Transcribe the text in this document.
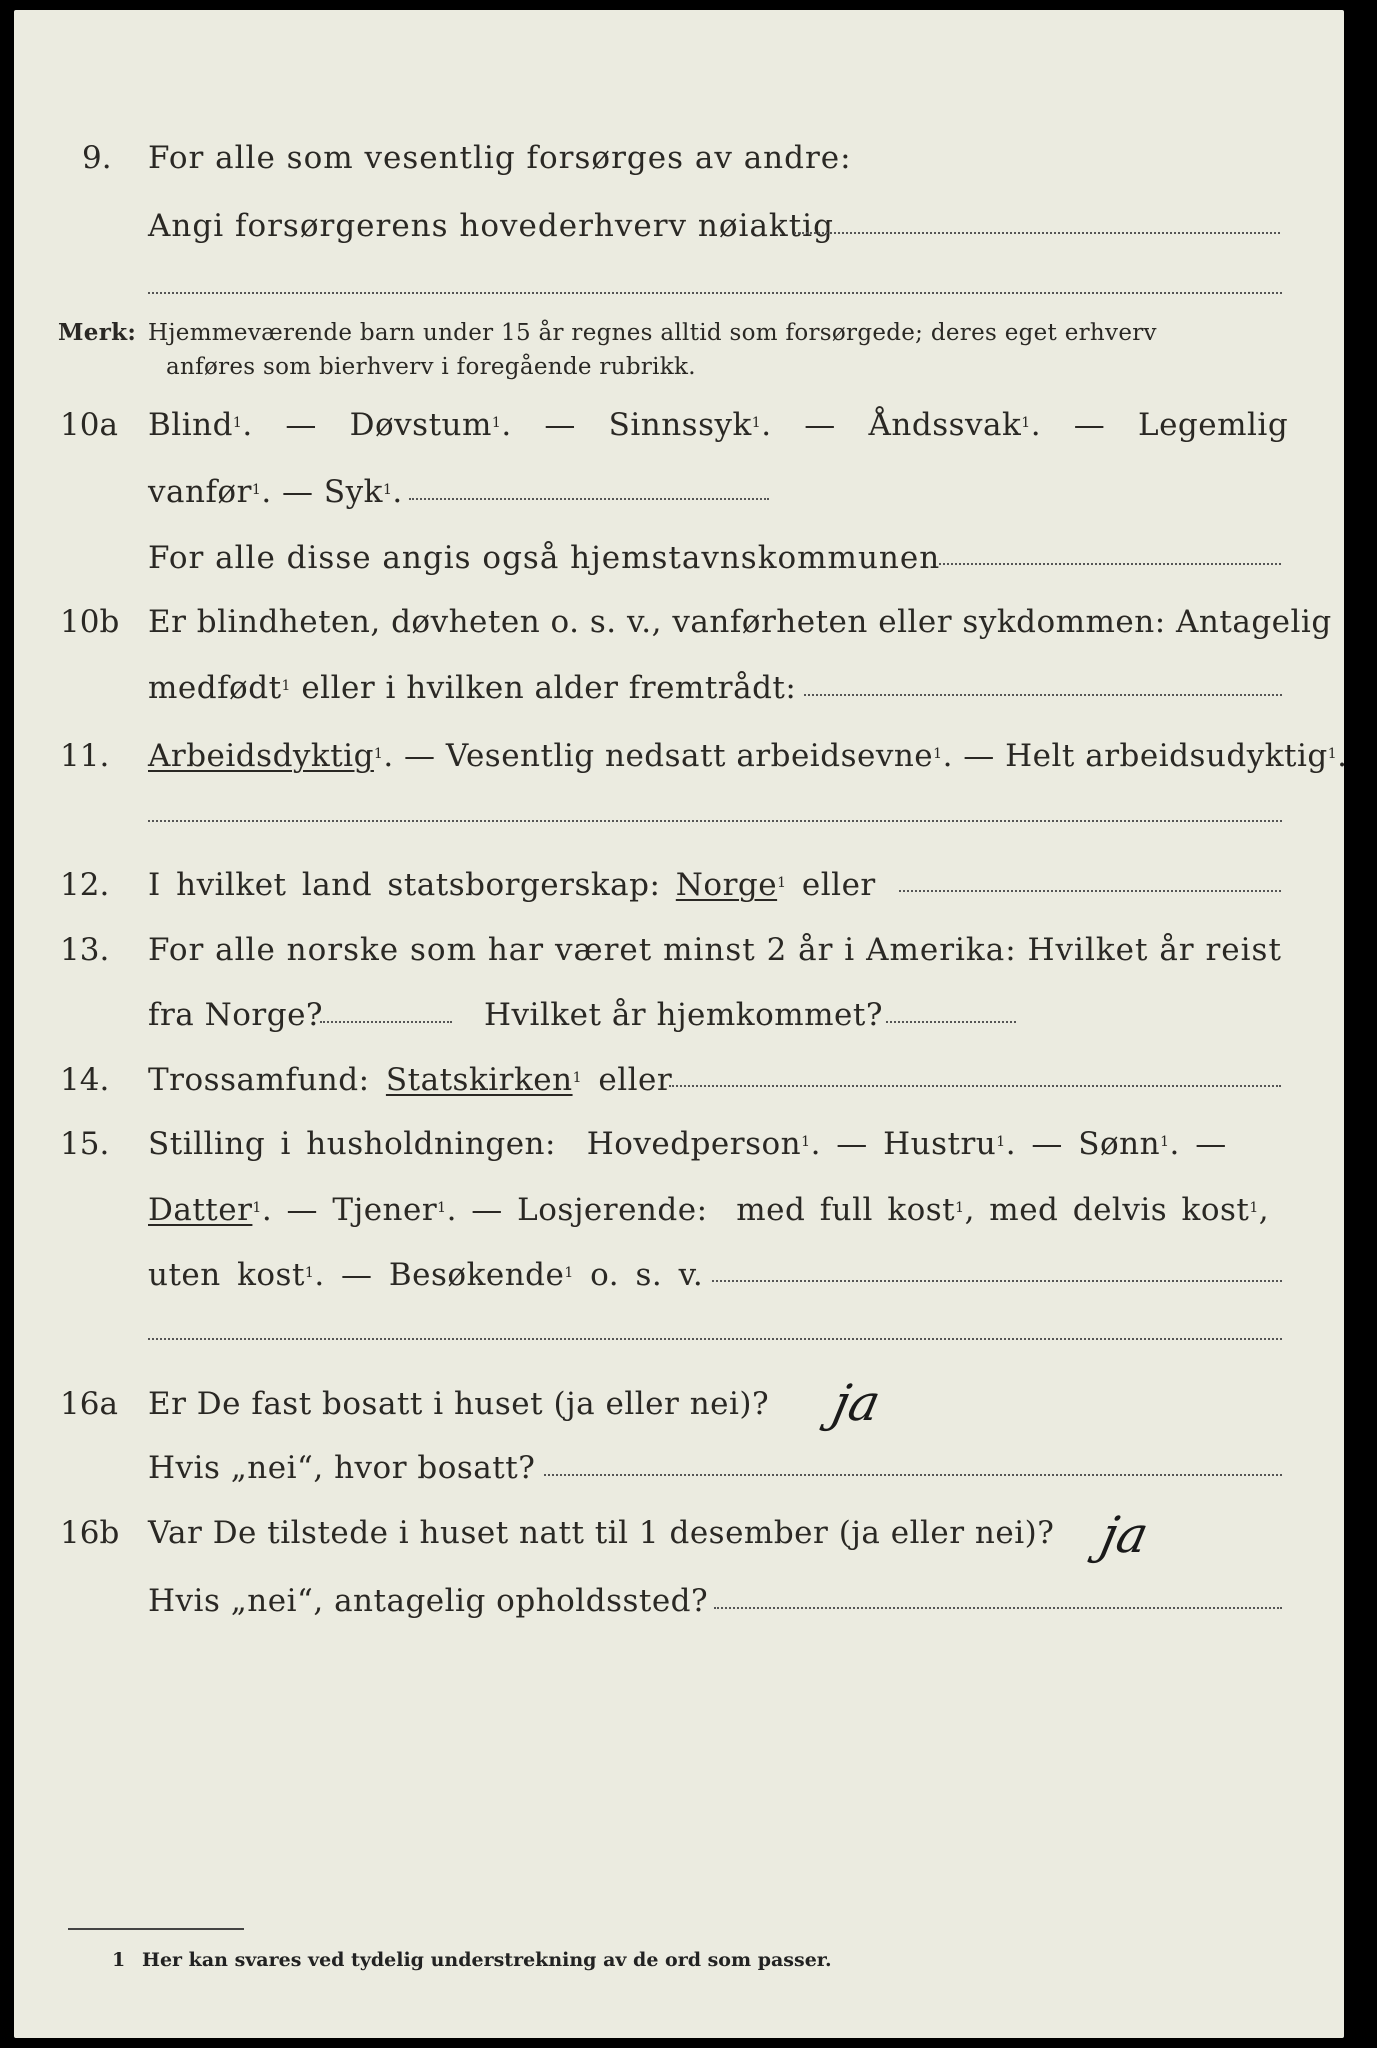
9. For alle som vesentlig forsørges av andre:
Angi forsørgerens hovederhverv nøiaktig
Merk: Hjemmeværende barn under 15 år regnes alltid som forsørgede; deres eget erhverv
anføres som bierhverv i foregående rubrikk.
10a Blind$^1$.  —  Døvstum$^1$.  —  Sinnssyk$^1$.  —  Åndssvak$^1$.  —  Legemlig
vanfør$^1$. — Syk$^1$.
For alle disse angis også hjemstavnskommunen
10b Er blindheten, døvheten o. s. v., vanførheten eller sykdommen: Antagelig
medfødt$^1$ eller i hvilken alder fremtrådt:
11. Arbeidsdyktig$^1$. — Vesentlig nedsatt arbeidsevne$^1$. — Helt arbeidsudyktig$^1$.
12. I hvilket land statsborgerskap: Norge$^1$ eller
13. For alle norske som har været minst 2 år i Amerika: Hvilket år reist
fra Norge?	Hvilket år hjemkommet?
14. Trossamfund: Statskirken$^1$ eller
15. Stilling i husholdningen: Hovedperson$^1$. — Hustru$^1$. — Sønn$^1$. —
Datter$^1$. — Tjener$^1$. — Losjerende: med full kost$^1$, med delvis kost$^1$,
uten kost$^1$. — Besøkende$^1$ o. s. v.
16a Er De fast bosatt i huset (ja eller nei)? ja
Hvis „nei“, hvor bosatt?
16b Var De tilstede i huset natt til 1 desember (ja eller nei)? ja
Hvis „nei“, antagelig opholdssted?
1 Her kan svares ved tydelig understrekning av de ord som passer.
